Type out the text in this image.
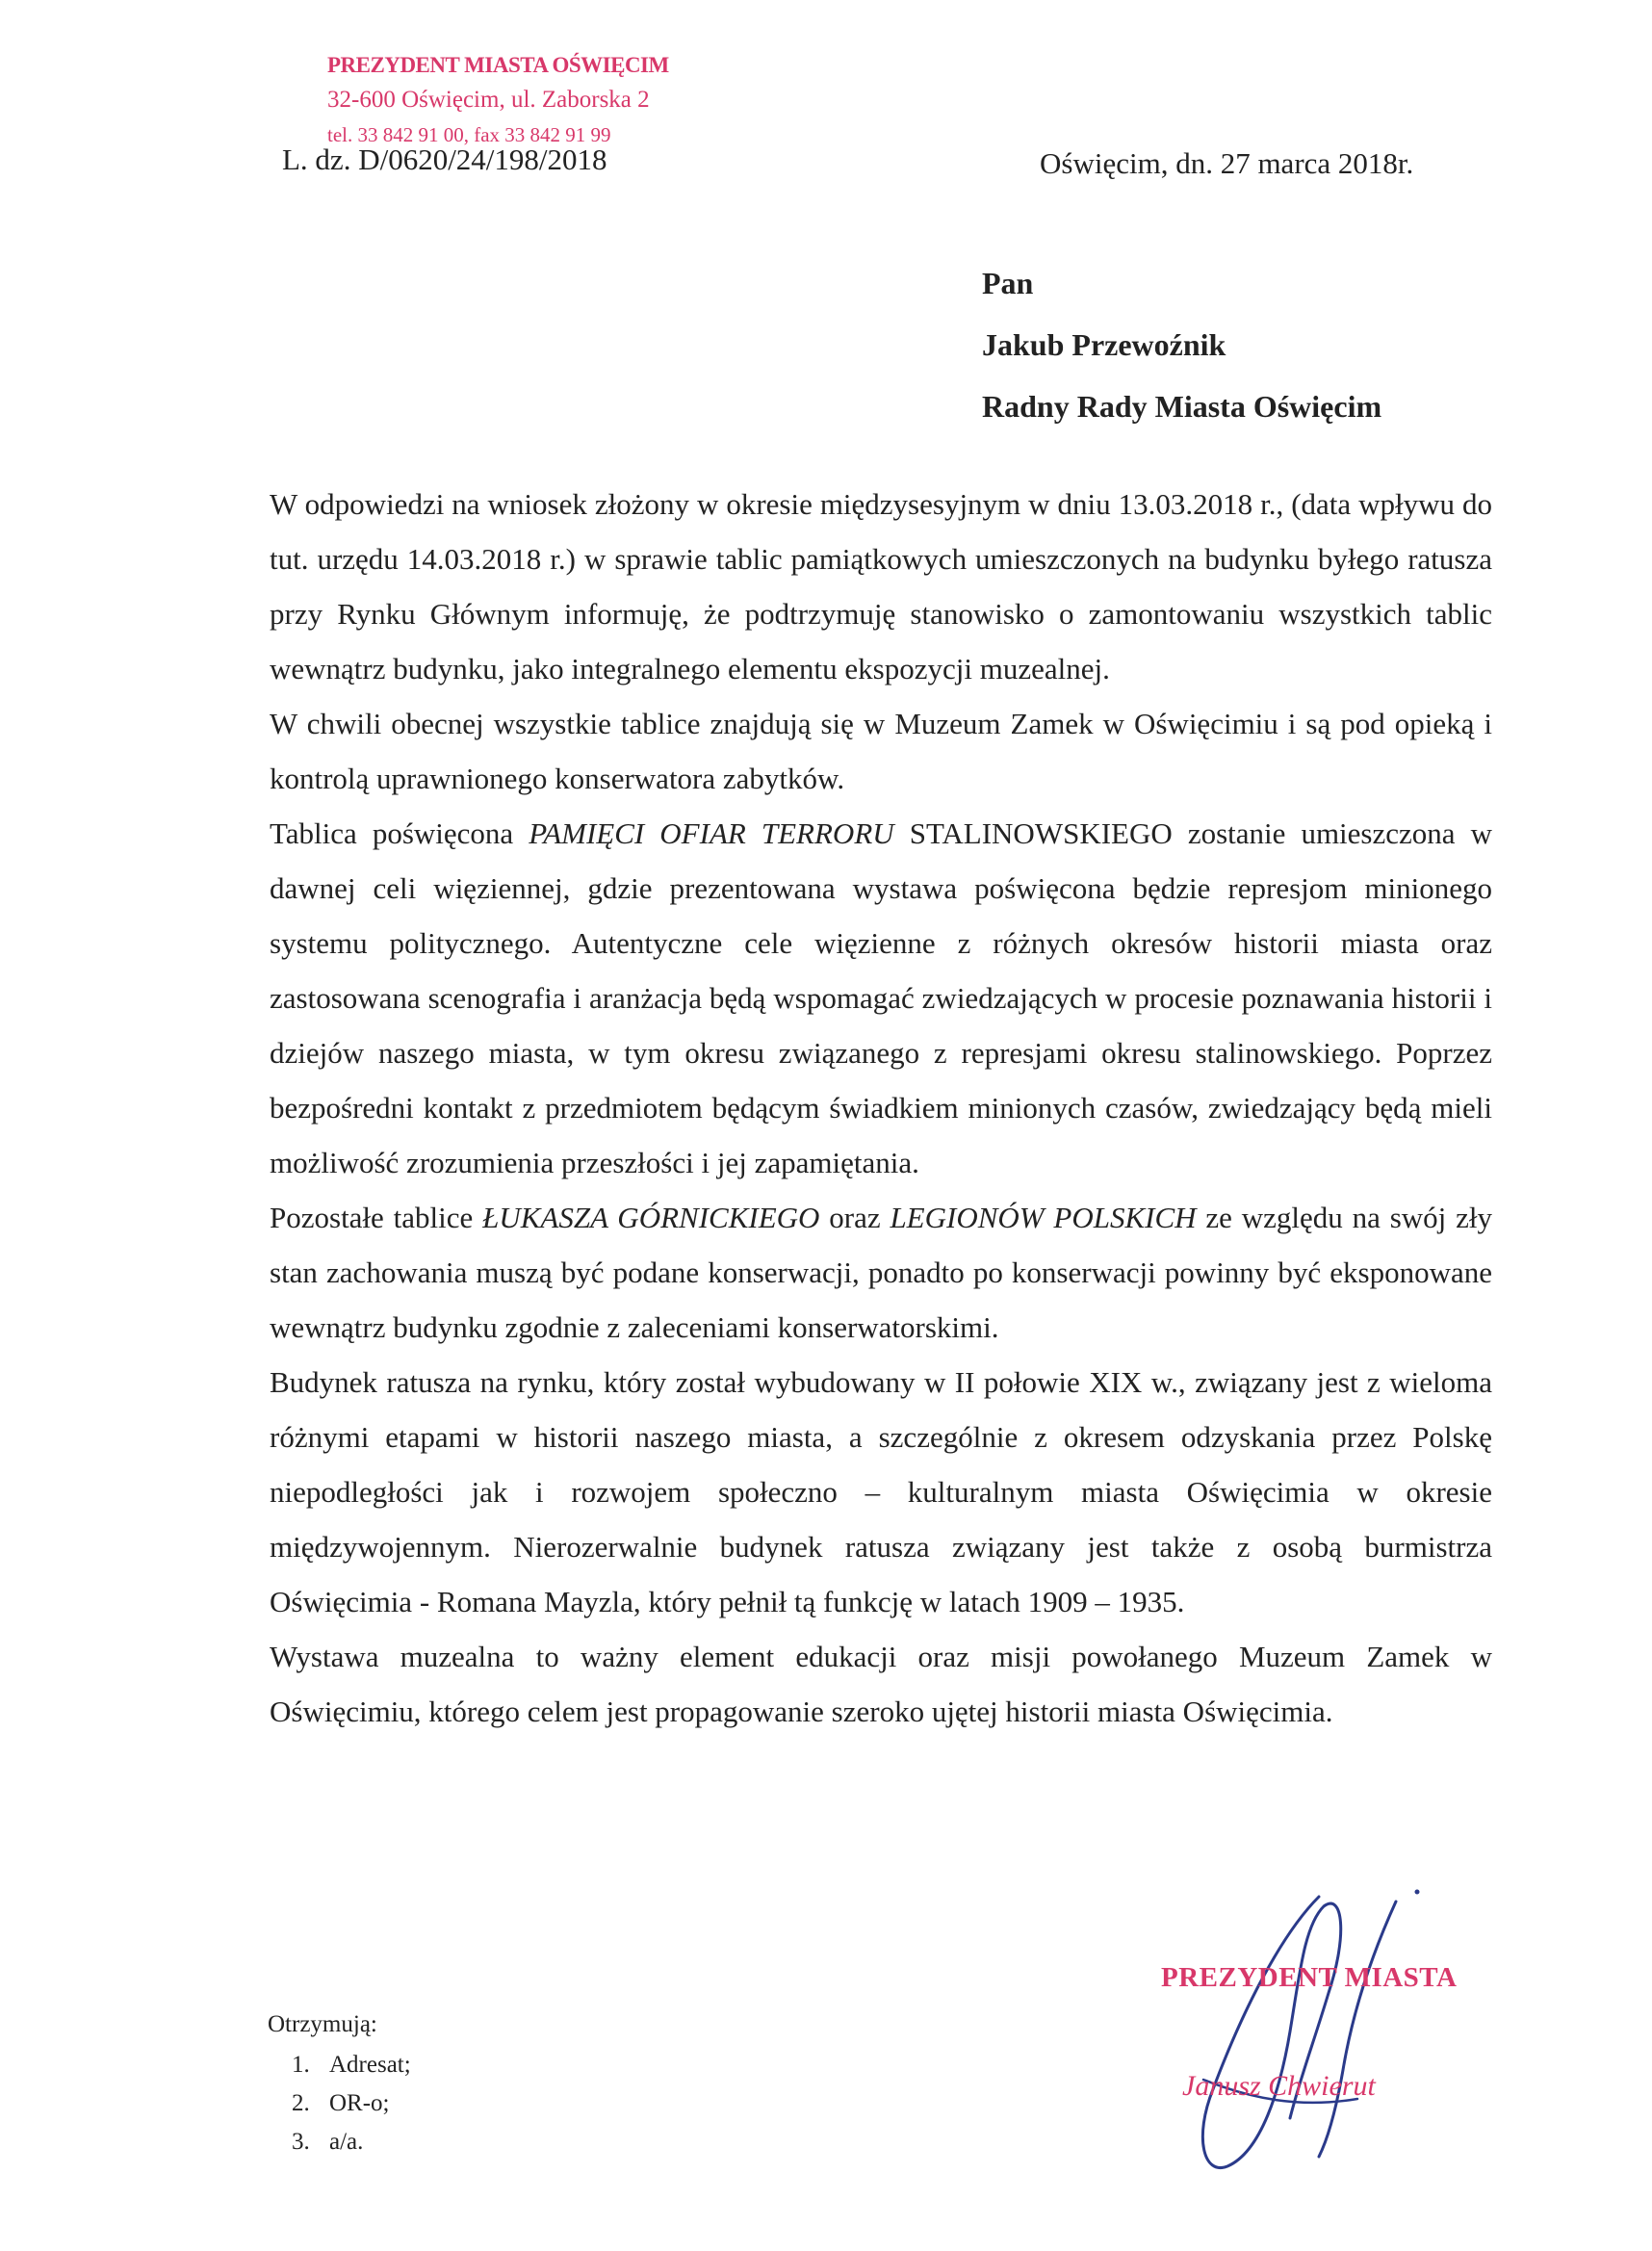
PREZYDENT MIASTA OŚWIĘCIM
32-600 Oświęcim, ul. Zaborska 2
tel. 33 842 91 00, fax 33 842 91 99
L. dz. D/0620/24/198/2018	Oświęcim, dn. 27 marca 2018r.
Pan
Jakub Przewoźnik
Radny Rady Miasta Oświęcim

W odpowiedzi na wniosek złożony w okresie międzysesyjnym w dniu 13.03.2018 r., (data wpływu do tut. urzędu 14.03.2018 r.) w sprawie tablic pamiątkowych umieszczonych na budynku byłego ratusza przy Rynku Głównym informuję, że podtrzymuję stanowisko o zamontowaniu wszystkich tablic wewnątrz budynku, jako integralnego elementu ekspozycji muzealnej.

W chwili obecnej wszystkie tablice znajdują się w Muzeum Zamek w Oświęcimiu i są pod opieką i kontrolą uprawnionego konserwatora zabytków.

Tablica poświęcona PAMIĘCI OFIAR TERRORU STALINOWSKIEGO zostanie umieszczona w dawnej celi więziennej, gdzie prezentowana wystawa poświęcona będzie represjom minionego systemu politycznego. Autentyczne cele więzienne z różnych okresów historii miasta oraz zastosowana scenografia i aranżacja będą wspomagać zwiedzających w procesie poznawania historii i dziejów naszego miasta, w tym okresu związanego z represjami okresu stalinowskiego. Poprzez bezpośredni kontakt z przedmiotem będącym świadkiem minionych czasów, zwiedzający będą mieli możliwość zrozumienia przeszłości i jej zapamiętania.

Pozostałe tablice ŁUKASZA GÓRNICKIEGO oraz LEGIONÓW POLSKICH ze względu na swój zły stan zachowania muszą być podane konserwacji, ponadto po konserwacji powinny być eksponowane wewnątrz budynku zgodnie z zaleceniami konserwatorskimi.

Budynek ratusza na rynku, który został wybudowany w II połowie XIX w., związany jest z wieloma różnymi etapami w historii naszego miasta, a szczególnie z okresem odzyskania przez Polskę niepodległości jak i rozwojem społeczno – kulturalnym miasta Oświęcimia w okresie międzywojennym. Nierozerwalnie budynek ratusza związany jest także z osobą burmistrza Oświęcimia - Romana Mayzla, który pełnił tą funkcję w latach 1909 – 1935.

Wystawa muzealna to ważny element edukacji oraz misji powołanego Muzeum Zamek w Oświęcimiu, którego celem jest propagowanie szeroko ujętej historii miasta Oświęcimia.

PREZYDENT MIASTA
Janusz Chwierut
Otrzymują:
1. Adresat;
2. OR-o;
3. a/a.
